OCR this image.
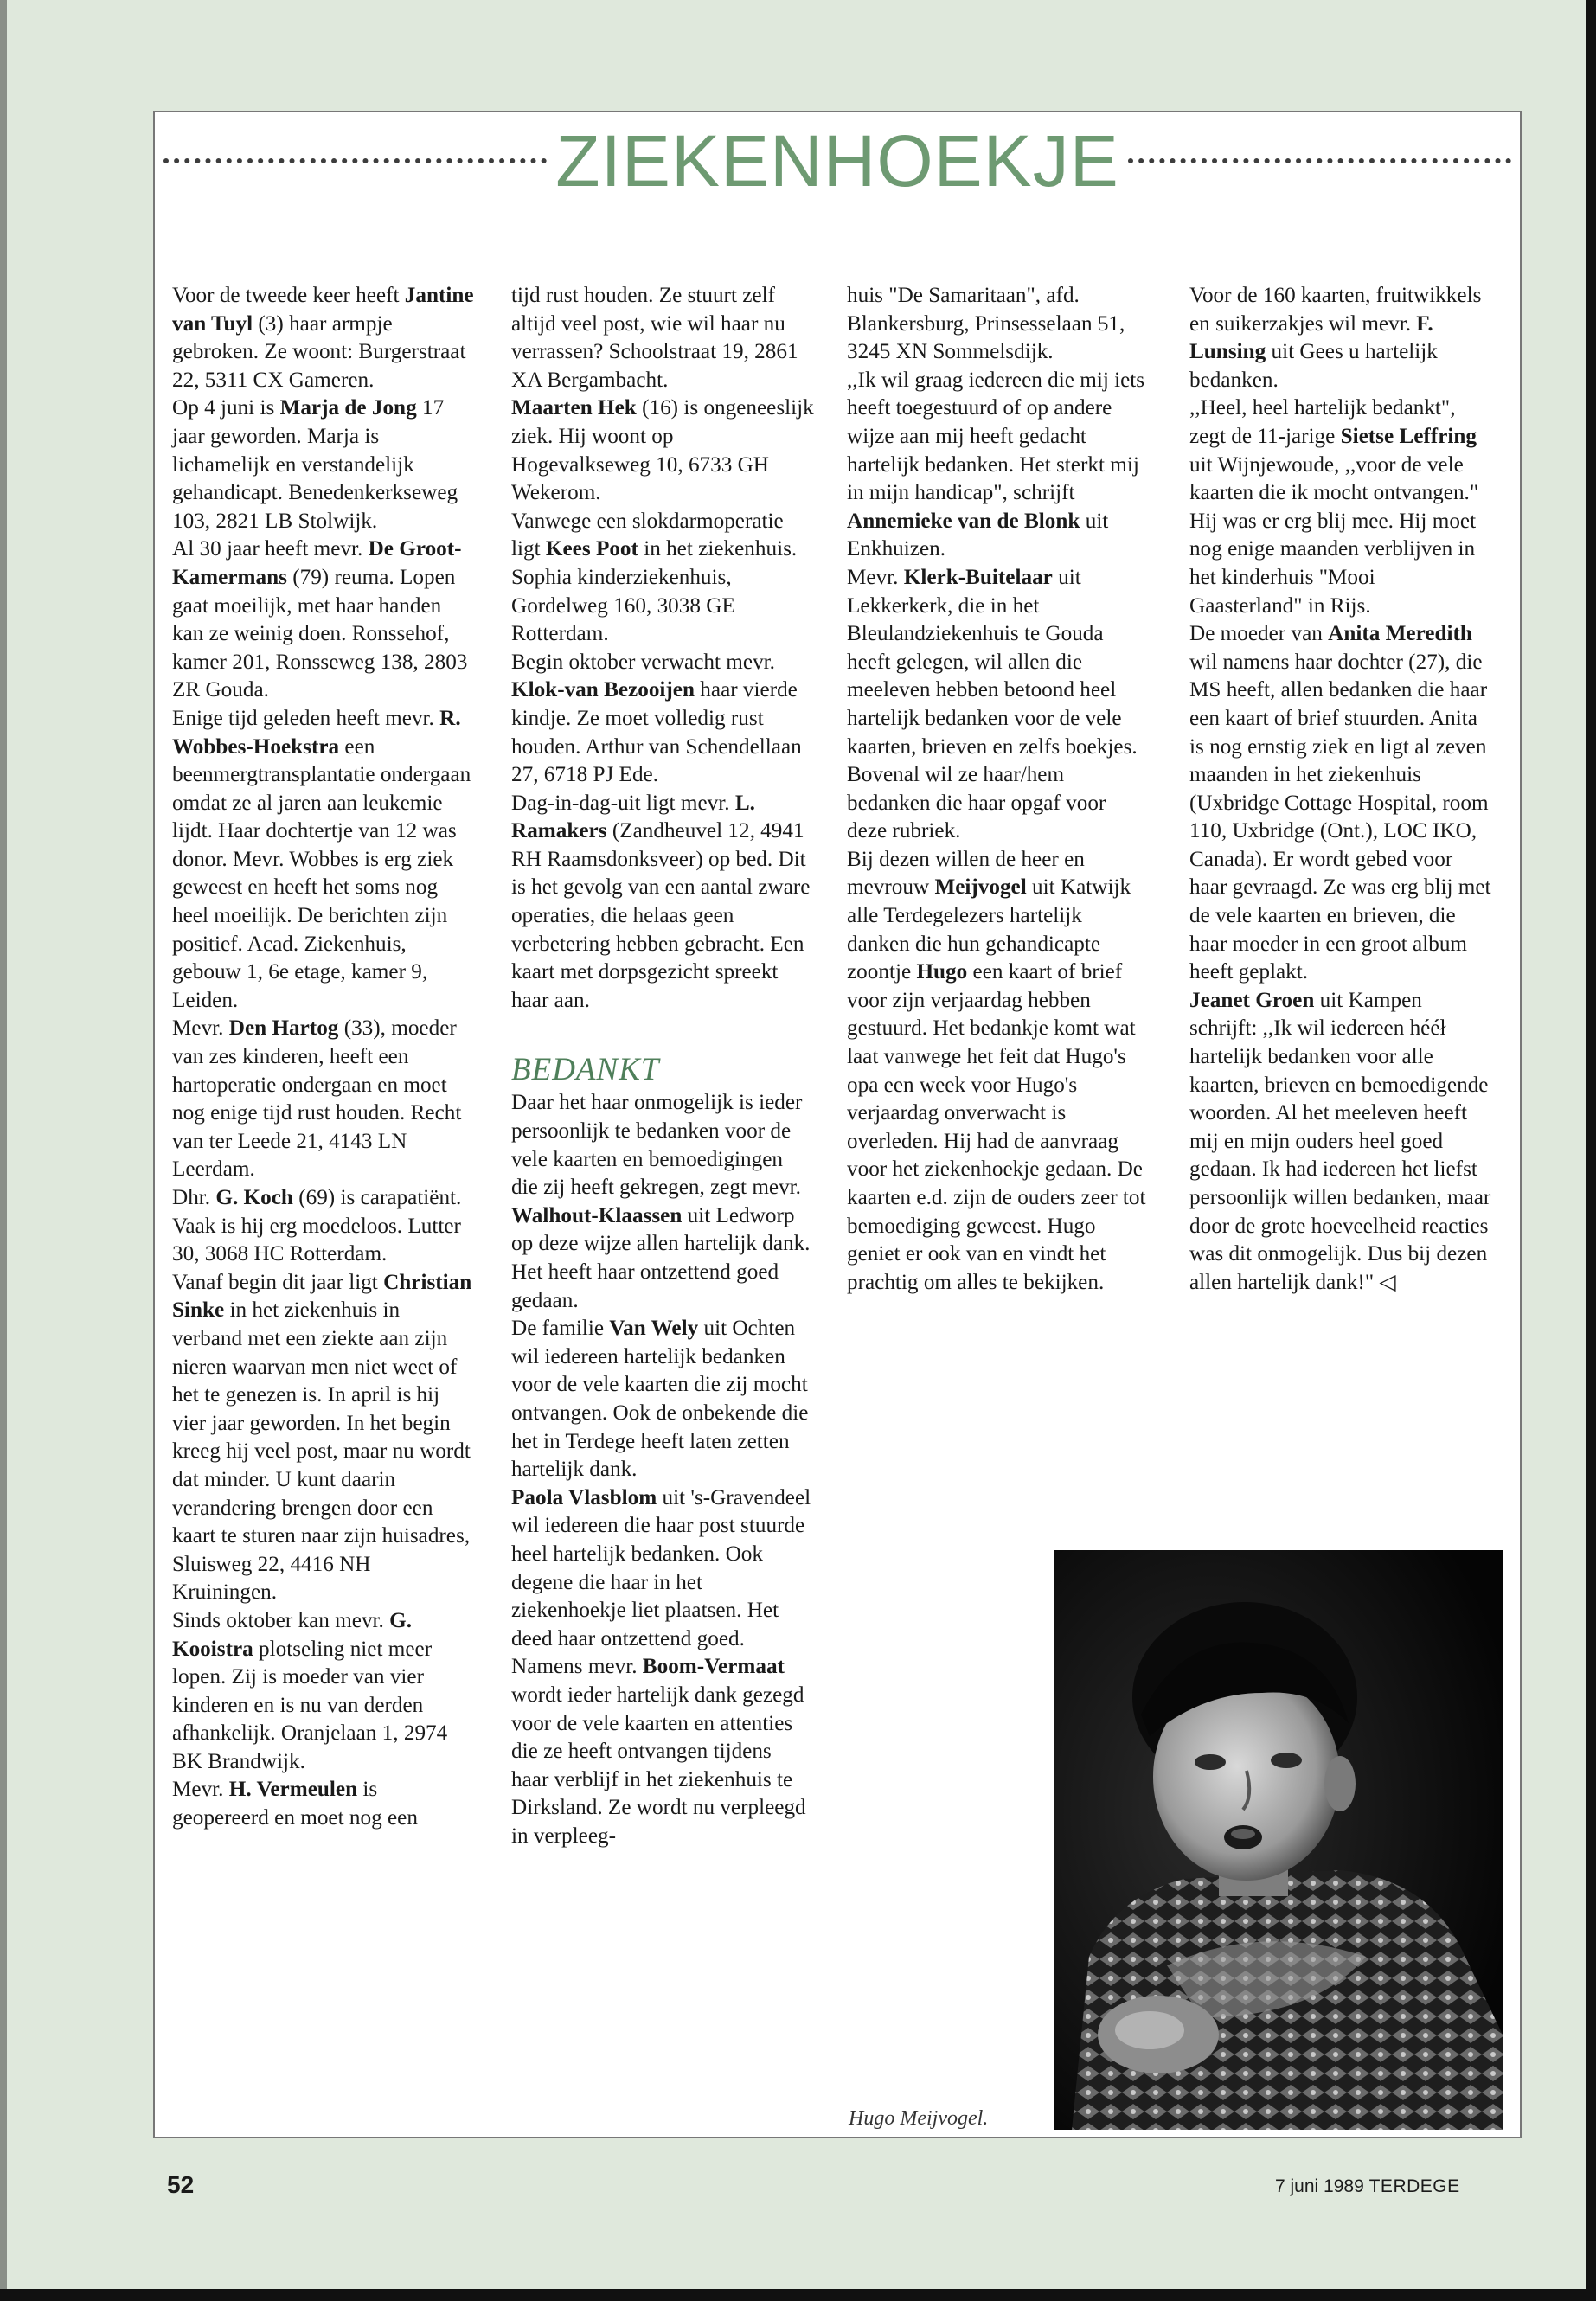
ZIEKENHOEKJE

Voor de tweede keer heeft Jantine van Tuyl (3) haar armpje gebroken. Ze woont: Burgerstraat 22, 5311 CX Gameren.

Op 4 juni is Marja de Jong 17 jaar geworden. Marja is lichamelijk en verstandelijk gehandicapt. Benedenkerkseweg 103, 2821 LB Stolwijk.

Al 30 jaar heeft mevr. De Groot-Kamermans (79) reuma. Lopen gaat moeilijk, met haar handen kan ze weinig doen. Ronssehof, kamer 201, Ronsseweg 138, 2803 ZR Gouda.

Enige tijd geleden heeft mevr. R. Wobbes-Hoekstra een beenmergtransplantatie ondergaan omdat ze al jaren aan leukemie lijdt. Haar dochtertje van 12 was donor. Mevr. Wobbes is erg ziek geweest en heeft het soms nog heel moeilijk. De berichten zijn positief. Acad. Ziekenhuis, gebouw 1, 6e etage, kamer 9, Leiden.

Mevr. Den Hartog (33), moeder van zes kinderen, heeft een hartoperatie ondergaan en moet nog enige tijd rust houden. Recht van ter Leede 21, 4143 LN Leerdam.

Dhr. G. Koch (69) is carapatiënt. Vaak is hij erg moedeloos. Lutter 30, 3068 HC Rotterdam.

Vanaf begin dit jaar ligt Christian Sinke in het ziekenhuis in verband met een ziekte aan zijn nieren waarvan men niet weet of het te genezen is. In april is hij vier jaar geworden. In het begin kreeg hij veel post, maar nu wordt dat minder. U kunt daarin verandering brengen door een kaart te sturen naar zijn huisadres, Sluisweg 22, 4416 NH Kruiningen.

Sinds oktober kan mevr. G. Kooistra plotseling niet meer lopen. Zij is moeder van vier kinderen en is nu van derden afhankelijk. Oranjelaan 1, 2974 BK Brandwijk.

Mevr. H. Vermeulen is geopereerd en moet nog een

tijd rust houden. Ze stuurt zelf altijd veel post, wie wil haar nu verrassen? Schoolstraat 19, 2861 XA Bergambacht.

Maarten Hek (16) is ongeneeslijk ziek. Hij woont op Hogevalkseweg 10, 6733 GH Wekerom.

Vanwege een slokdarmoperatie ligt Kees Poot in het ziekenhuis. Sophia kinderziekenhuis, Gordelweg 160, 3038 GE Rotterdam.

Begin oktober verwacht mevr. Klok-van Bezooijen haar vierde kindje. Ze moet volledig rust houden. Arthur van Schendellaan 27, 6718 PJ Ede.

Dag-in-dag-uit ligt mevr. L. Ramakers (Zandheuvel 12, 4941 RH Raamsdonksveer) op bed. Dit is het gevolg van een aantal zware operaties, die helaas geen verbetering hebben gebracht. Een kaart met dorpsgezicht spreekt haar aan.

BEDANKT

Daar het haar onmogelijk is ieder persoonlijk te bedanken voor de vele kaarten en bemoedigingen die zij heeft gekregen, zegt mevr. Walhout-Klaassen uit Ledworp op deze wijze allen hartelijk dank. Het heeft haar ontzettend goed gedaan.

De familie Van Wely uit Ochten wil iedereen hartelijk bedanken voor de vele kaarten die zij mocht ontvangen. Ook de onbekende die het in Terdege heeft laten zetten hartelijk dank.

Paola Vlasblom uit 's-Gravendeel wil iedereen die haar post stuurde heel hartelijk bedanken. Ook degene die haar in het ziekenhoekje liet plaatsen. Het deed haar ontzettend goed.

Namens mevr. Boom-Vermaat wordt ieder hartelijk dank gezegd voor de vele kaarten en attenties die ze heeft ontvangen tijdens haar verblijf in het ziekenhuis te Dirksland. Ze wordt nu verpleegd in verpleeg-

huis "De Samaritaan", afd. Blankersburg, Prinsesselaan 51, 3245 XN Sommelsdijk.

,,Ik wil graag iedereen die mij iets heeft toegestuurd of op andere wijze aan mij heeft gedacht hartelijk bedanken. Het sterkt mij in mijn handicap", schrijft Annemieke van de Blonk uit Enkhuizen.

Mevr. Klerk-Buitelaar uit Lekkerkerk, die in het Bleulandziekenhuis te Gouda heeft gelegen, wil allen die meeleven hebben betoond heel hartelijk bedanken voor de vele kaarten, brieven en zelfs boekjes. Bovenal wil ze haar/hem bedanken die haar opgaf voor deze rubriek.

Bij dezen willen de heer en mevrouw Meijvogel uit Katwijk alle Terdegelezers hartelijk danken die hun gehandicapte zoontje Hugo een kaart of brief voor zijn verjaardag hebben gestuurd. Het bedankje komt wat laat vanwege het feit dat Hugo's opa een week voor Hugo's verjaardag onverwacht is overleden. Hij had de aanvraag voor het ziekenhoekje gedaan. De kaarten e.d. zijn de ouders zeer tot bemoediging geweest. Hugo geniet er ook van en vindt het prachtig om alles te bekijken.

Voor de 160 kaarten, fruitwikkels en suikerzakjes wil mevr. F. Lunsing uit Gees u hartelijk bedanken.

,,Heel, heel hartelijk bedankt", zegt de 11-jarige Sietse Leffring uit Wijnjewoude, ,,voor de vele kaarten die ik mocht ontvangen." Hij was er erg blij mee. Hij moet nog enige maanden verblijven in het kinderhuis "Mooi Gaasterland" in Rijs.

De moeder van Anita Meredith wil namens haar dochter (27), die MS heeft, allen bedanken die haar een kaart of brief stuurden. Anita is nog ernstig ziek en ligt al zeven maanden in het ziekenhuis (Uxbridge Cottage Hospital, room 110, Uxbridge (Ont.), LOC IKO, Canada). Er wordt gebed voor haar gevraagd. Ze was erg blij met de vele kaarten en brieven, die haar moeder in een groot album heeft geplakt.

Jeanet Groen uit Kampen schrijft: ,,Ik wil iedereen hééł hartelijk bedanken voor alle kaarten, brieven en bemoedigende woorden. Al het meeleven heeft mij en mijn ouders heel goed gedaan. Ik had iedereen het liefst persoonlijk willen bedanken, maar door de grote hoeveelheid reacties was dit onmogelijk. Dus bij dezen allen hartelijk dank!" ◁

Hugo Meijvogel.
52	7 juni 1989 TERDEGE
